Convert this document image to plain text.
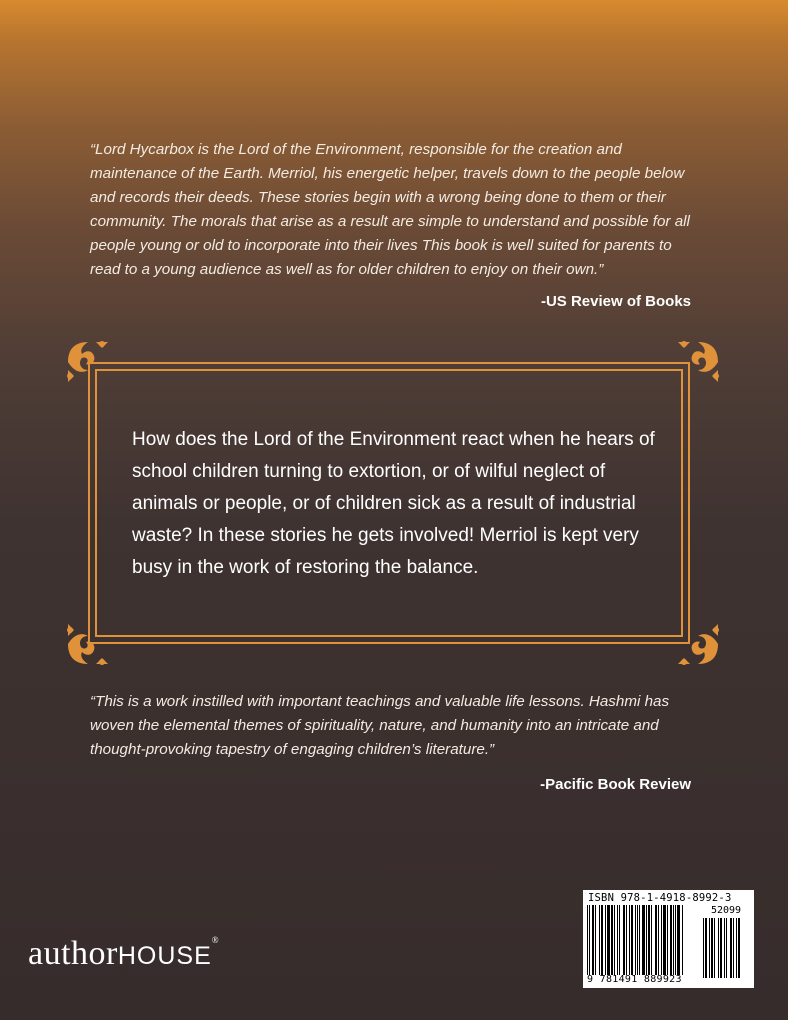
“Lord Hycarbox is the Lord of the Environment, responsible for the creation and maintenance of the Earth. Merriol, his energetic helper, travels down to the people below and records their deeds. These stories begin with a wrong being done to them or their community. The morals that arise as a result are simple to understand and possible for all people young or old to incorporate into their lives This book is well suited for parents to read to a young audience as well as for older children to enjoy on their own.”
-US Review of Books
How does the Lord of the Environment react when he hears of school children turning to extortion, or of wilful neglect of animals or people, or of children sick as a result of industrial waste? In these stories he gets involved! Merriol is kept very busy in the work of restoring the balance.
“This is a work instilled with important teachings and valuable life lessons. Hashmi has woven the elemental themes of spirituality, nature, and humanity into an intricate and thought-provoking tapestry of engaging children’s literature.”
-Pacific Book Review
authorHOUSE®
ISBN 978-1-4918-8992-3
52099
9 781491 889923
